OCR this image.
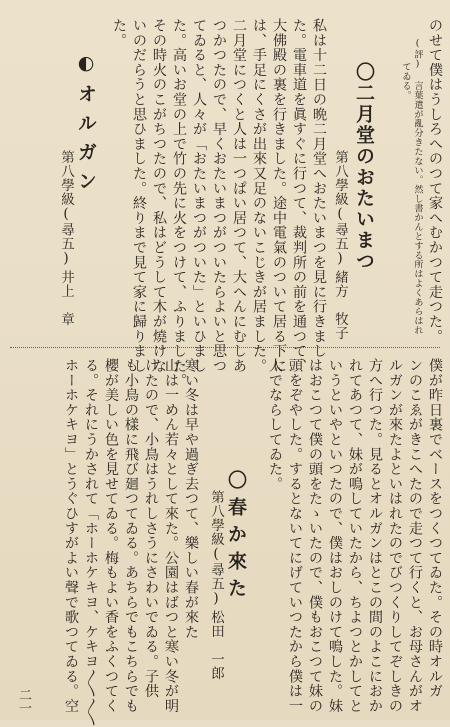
のせて僕はうしろへのつて家へむかつて走つた。
(評) 言葉遣が亂分きたない。然し書かんとする所はよくあらはれ
てゐる。
〇二月堂のおたいまつ
第八學級(尋五)
緒方　牧子
私は十二日の晩二月堂へおたいまつを見に行きまし
た。電車道を眞すぐに行つて、裁判所の前を通つて、
大佛殿の裏を行きました。途中電氣のついて居る下に
は、手足にくさが出來又足のないこじきが居ました。
二月堂につくと人は一つぱい居つて、大へんにむしあ
つかつたので、早くおたいまつがついたらよいと思つ
てゐると、人々が「おたいまつがついた」といひまし
た。高いお堂の上で竹の先に火をつけて、ふりました。
その時火のこがちつたので、私はどうして木が燒けな
いのだらうと思ひました。終りまで見て家に歸りまし
た。
◐オルガン
第八學級(尋五)
井上　章
僕が昨日裏でベースをつくつてゐた。その時オルガ
ンのこゑがきこへたので走つて行くと、お母さんがオ
ルガンが來たよといはれたのでびつくりしてぞしきの
方へ行つた。見るとオルガンはとこの間のよこにおか
れてあつて、妹が鳴していたから、ちよつとかしてと
いうといやといつたので、僕はおしのけて鳴した。妹
はおこつて僕の頭をたゝいたので、僕もおこつて妹の
頭をぞやした。するとないてにげていつたから僕は一
人でならしてゐた。
〇春か來た
第八學級(尋五)
松田　一郎
寒い冬は早や過ぎ去つて、樂しい春が來た
山は一めん若々として來た。公園はばつと寒い冬が明
けたので、小鳥はうれしさうにさわいでゐる。子供
も小鳥の樣に飛び廻つてゐる。あちらでもこちらでも
櫻が美しい色を見せてゐる。梅もよい香をふくつてく
る。それにうかされて「ホーホケキヨ、ケキヨ〳〵〳〵
ホーホケキヨ」とうぐひすがよい聲で歌つてゐる。空
二一
